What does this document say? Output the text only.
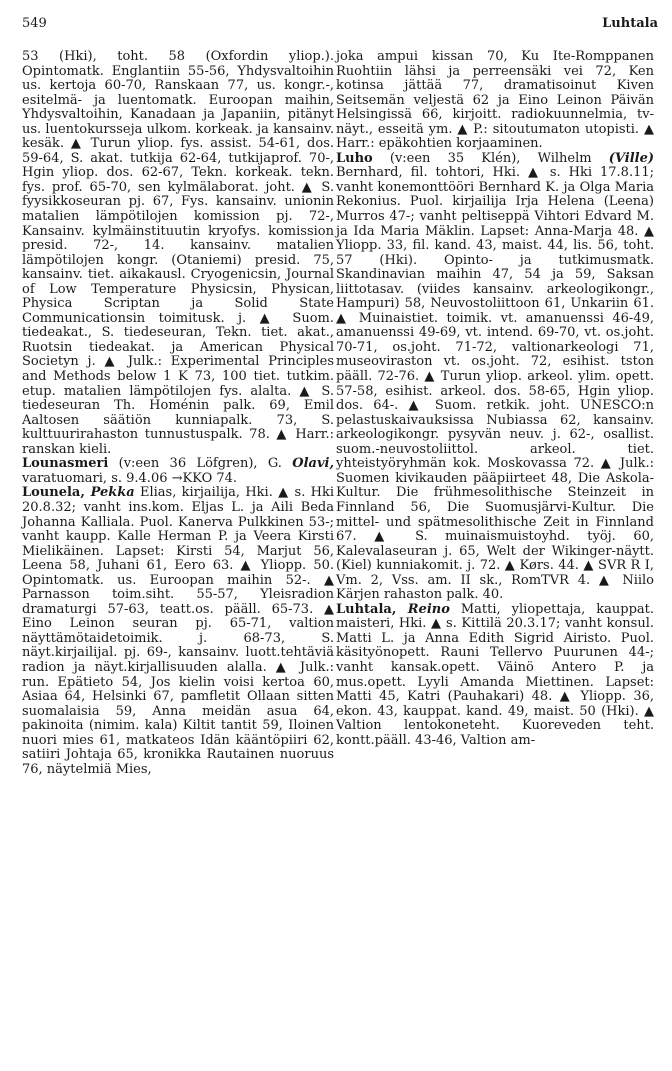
549	Luhtala

53 (Hki), toht. 58 (Oxfordin yliop.). Opintomatk. Englantiin 55-56, Yhdysvaltoihin us. kertoja 60-70, Ranskaan 77, us. kongr.-, esitelmä- ja luentomatk. Euroopan maihin, Yhdysvaltoihin, Kanadaan ja Japaniin, pitänyt us. luentokursseja ulkom. korkeak. ja kansainv. kesäk. ▲ Turun yliop. fys. assist. 54-61, dos. 59-64, S. akat. tutkija 62-64, tutkijaprof. 70-, Hgin yliop. dos. 62-67, Tekn. korkeak. tekn. fys. prof. 65-70, sen kylmälaborat. joht. ▲ S. fyysikkoseuran pj. 67, Fys. kansainv. unionin matalien lämpötilojen komission pj. 72-, Kansainv. kylmäinstituutin kryofys. komission presid. 72-, 14. kansainv. matalien lämpötilojen kongr. (Otaniemi) presid. 75, kansainv. tiet. aikakausl. Cryogenicsin, Journal of Low Temperature Physicsin, Physican, Physica Scriptan ja Solid State Communicationsin toimitusk. j. ▲ Suom. tiedeakat., S. tiedeseuran, Tekn. tiet. akat., Ruotsin tiedeakat. ja American Physical Societyn j. ▲ Julk.: Experimental Principles and Methods below 1 K 73, 100 tiet. tutkim. etup. matalien lämpötilojen fys. alalta. ▲ S. tiedeseuran Th. Homénin palk. 69, Emil Aaltosen säätiön kunniapalk. 73, S. kulttuurirahaston tunnustuspalk. 78. ▲ Harr.: ranskan kieli.

Lounasmeri (v:een 36 Löfgren), G. Olavi, varatuomari, s. 9.4.06 →KKO 74.

Lounela, Pekka Elias, kirjailija, Hki. ▲ s. Hki 20.8.32; vanht ins.kom. Eljas L. ja Aili Beda Johanna Kalliala. Puol. Kanerva Pulkkinen 53-; vanht kaupp. Kalle Herman P. ja Veera Kirsti Mielikäinen. Lapset: Kirsti 54, Marjut 56, Leena 58, Juhani 61, Eero 63. ▲ Yliopp. 50. Opintomatk. us. Euroopan maihin 52-. ▲ Parnasson toim.siht. 55-57, Yleisradion dramaturgi 57-63, teatt.os. pääll. 65-73. ▲ Eino Leinon seuran pj. 65-71, valtion näyttämötaidetoimik. j. 68-73, S. näyt.kirjailijal. pj. 69-, kansainv. luott.tehtäviä radion ja näyt.kirjallisuuden alalla. ▲ Julk.: run. Epätieto 54, Jos kielin voisi kertoa 60, Asiaa 64, Helsinki 67, pamfletit Ollaan sitten suomalaisia 59, Anna meidän asua 64, pakinoita (nimim. kala) Kiltit tantit 59, Iloinen nuori mies 61, matkateos Idän kääntöpiiri 62, satiiri Johtaja 65, kronikka Rautainen nuoruus 76, näytelmiä Mies,

joka ampui kissan 70, Ku Ite-Romppanen Ruohtiin lähsi ja perreensäki vei 72, Ken kotinsa jättää 77, dramatisoinut Kiven Seitsemän veljestä 62 ja Eino Leinon Päivän Helsingissä 66, kirjoitt. radiokuunnelmia, tv-näyt., esseitä ym. ▲ P.: sitoutumaton utopisti. ▲ Harr.: epäkohtien korjaaminen.

Luho (v:een 35 Klén), Wilhelm (Ville) Bernhard, fil. tohtori, Hki. ▲ s. Hki 17.8.11; vanht konemonttööri Bernhard K. ja Olga Maria Rekonius. Puol. kirjailija Irja Helena (Leena) Murros 47-; vanht peltiseppä Vihtori Edvard M. ja Ida Maria Mäklin. Lapset: Anna-Marja 48. ▲ Yliopp. 33, fil. kand. 43, maist. 44, lis. 56, toht. 57 (Hki). Opinto- ja tutkimusmatk. Skandinavian maihin 47, 54 ja 59, Saksan liittotasav. (viides kansainv. arkeologikongr., Hampuri) 58, Neuvostoliittoon 61, Unkariin 61. ▲ Muinaistiet. toimik. vt. amanuenssi 46-49, amanuenssi 49-69, vt. intend. 69-70, vt. os.joht. 70-71, os.joht. 71-72, valtionarkeologi 71, museoviraston vt. os.joht. 72, esihist. tston pääll. 72-76. ▲ Turun yliop. arkeol. ylim. opett. 57-58, esihist. arkeol. dos. 58-65, Hgin yliop. dos. 64-. ▲ Suom. retkik. joht. UNESCO:n pelastuskaivauksissa Nubiassa 62, kansainv. arkeologikongr. pysyvän neuv. j. 62-, osallist. suom.-neuvostoliittol. arkeol. tiet. yhteistyöryhmän kok. Moskovassa 72. ▲ Julk.: Suomen kivikauden pääpiirteet 48, Die Askola-Kultur. Die frühmesolithische Steinzeit in Finnland 56, Die Suomusjärvi-Kultur. Die mittel- und spätmesolithische Zeit in Finnland 67. ▲ S. muinaismuistoyhd. työj. 60, Kalevalaseuran j. 65, Welt der Wikinger-näytt. (Kiel) kunniakomit. j. 72. ▲ Kørs. 44. ▲ SVR R I, Vm. 2, Vss. am. II sk., RomTVR 4. ▲ Niilo Kärjen rahaston palk. 40.

Luhtala, Reino Matti, yliopettaja, kauppat. maisteri, Hki. ▲ s. Kittilä 20.3.17; vanht konsul. Matti L. ja Anna Edith Sigrid Airisto. Puol. käsityönopett. Rauni Tellervo Puurunen 44-; vanht kansak.opett. Väinö Antero P. ja mus.opett. Lyyli Amanda Miettinen. Lapset: Matti 45, Katri (Pauhakari) 48. ▲ Yliopp. 36, ekon. 43, kauppat. kand. 49, maist. 50 (Hki). ▲ Valtion lentokoneteht. Kuoreveden teht. kontt.pääll. 43-46, Valtion am-
